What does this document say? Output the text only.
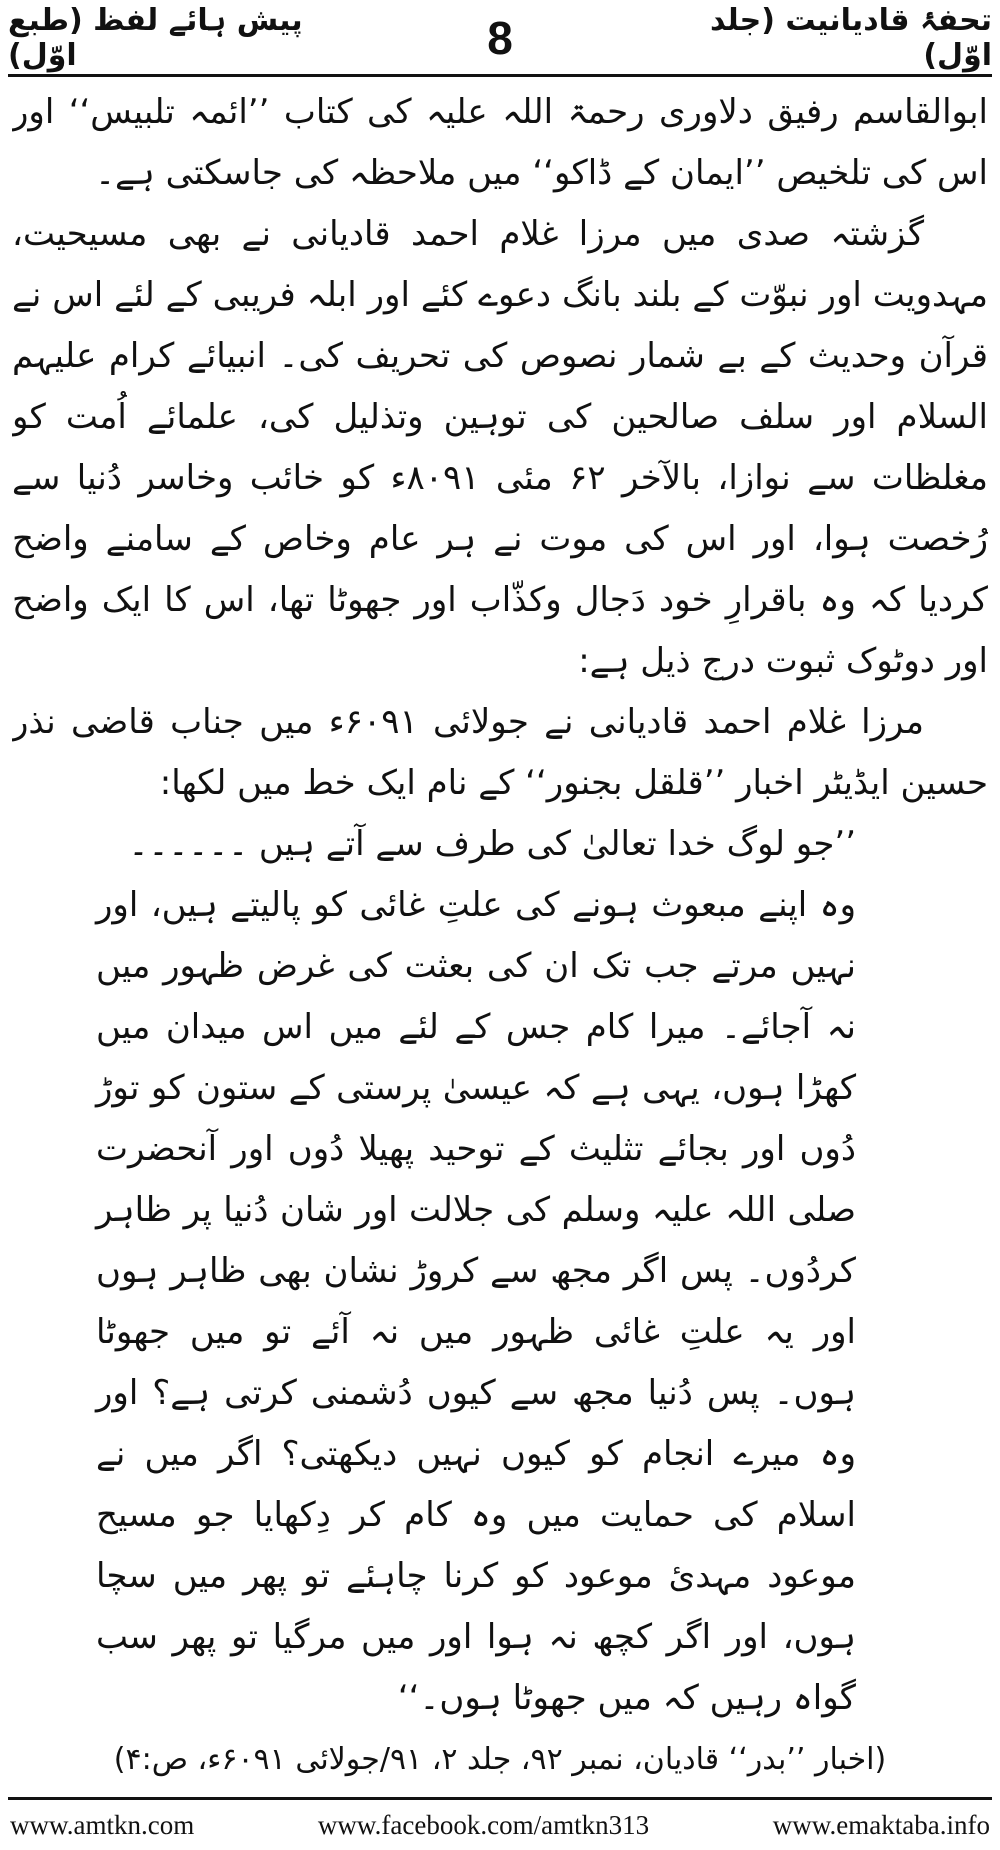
تحفۂ قادیانیت (جلد اوّل)
8
پیش ہائے لفظ (طبع اوّل)

ابوالقاسم رفیق دلاوری رحمۃ اللہ علیہ کی کتاب ’’ائمہ تلبیس‘‘ اور اس کی تلخیص ’’ایمان کے ڈاکو‘‘ میں ملاحظہ کی جاسکتی ہے۔

گزشتہ صدی میں مرزا غلام احمد قادیانی نے بھی مسیحیت، مہدویت اور نبوّت کے بلند بانگ دعوے کئے اور ابلہ فریبی کے لئے اس نے قرآن وحدیث کے بے شمار نصوص کی تحریف کی۔ انبیائے کرام علیہم السلام اور سلف صالحین کی توہین وتذلیل کی، علمائے اُمت کو مغلظات سے نوازا، بالآخر ۶۲ مئی ۸۰۹۱ء کو خائب وخاسر دُنیا سے رُخصت ہوا، اور اس کی موت نے ہر عام وخاص کے سامنے واضح کردیا کہ وہ باقرارِ خود دَجال وکذّاب اور جھوٹا تھا، اس کا ایک واضح اور دوٹوک ثبوت درج ذیل ہے:

مرزا غلام احمد قادیانی نے جولائی ۶۰۹۱ء میں جناب قاضی نذر حسین ایڈیٹر اخبار ’’قلقل بجنور‘‘ کے نام ایک خط میں لکھا:

’’جو لوگ خدا تعالیٰ کی طرف سے آتے ہیں ۔۔۔۔۔۔

وہ اپنے مبعوث ہونے کی علتِ غائی کو پالیتے ہیں، اور نہیں مرتے جب تک ان کی بعثت کی غرض ظہور میں نہ آجائے۔ میرا کام جس کے لئے میں اس میدان میں کھڑا ہوں، یہی ہے کہ عیسیٰ پرستی کے ستون کو توڑ دُوں اور بجائے تثلیث کے توحید پھیلا دُوں اور آنحضرت صلی اللہ علیہ وسلم کی جلالت اور شان دُنیا پر ظاہر کردُوں۔ پس اگر مجھ سے کروڑ نشان بھی ظاہر ہوں اور یہ علتِ غائی ظہور میں نہ آئے تو میں جھوٹا ہوں۔ پس دُنیا مجھ سے کیوں دُشمنی کرتی ہے؟ اور وہ میرے انجام کو کیوں نہیں دیکھتی؟ اگر میں نے اسلام کی حمایت میں وہ کام کر دِکھایا جو مسیح موعود مہدیٔ موعود کو کرنا چاہئے تو پھر میں سچا ہوں، اور اگر کچھ نہ ہوا اور میں مرگیا تو پھر سب گواہ رہیں کہ میں جھوٹا ہوں۔‘‘

(اخبار ’’بدر‘‘ قادیان، نمبر ۹۲، جلد ۲، ۹۱/جولائی ۶۰۹۱ء، ص:۴)

www.amtkn.com	www.facebook.com/amtkn313	www.emaktaba.info
